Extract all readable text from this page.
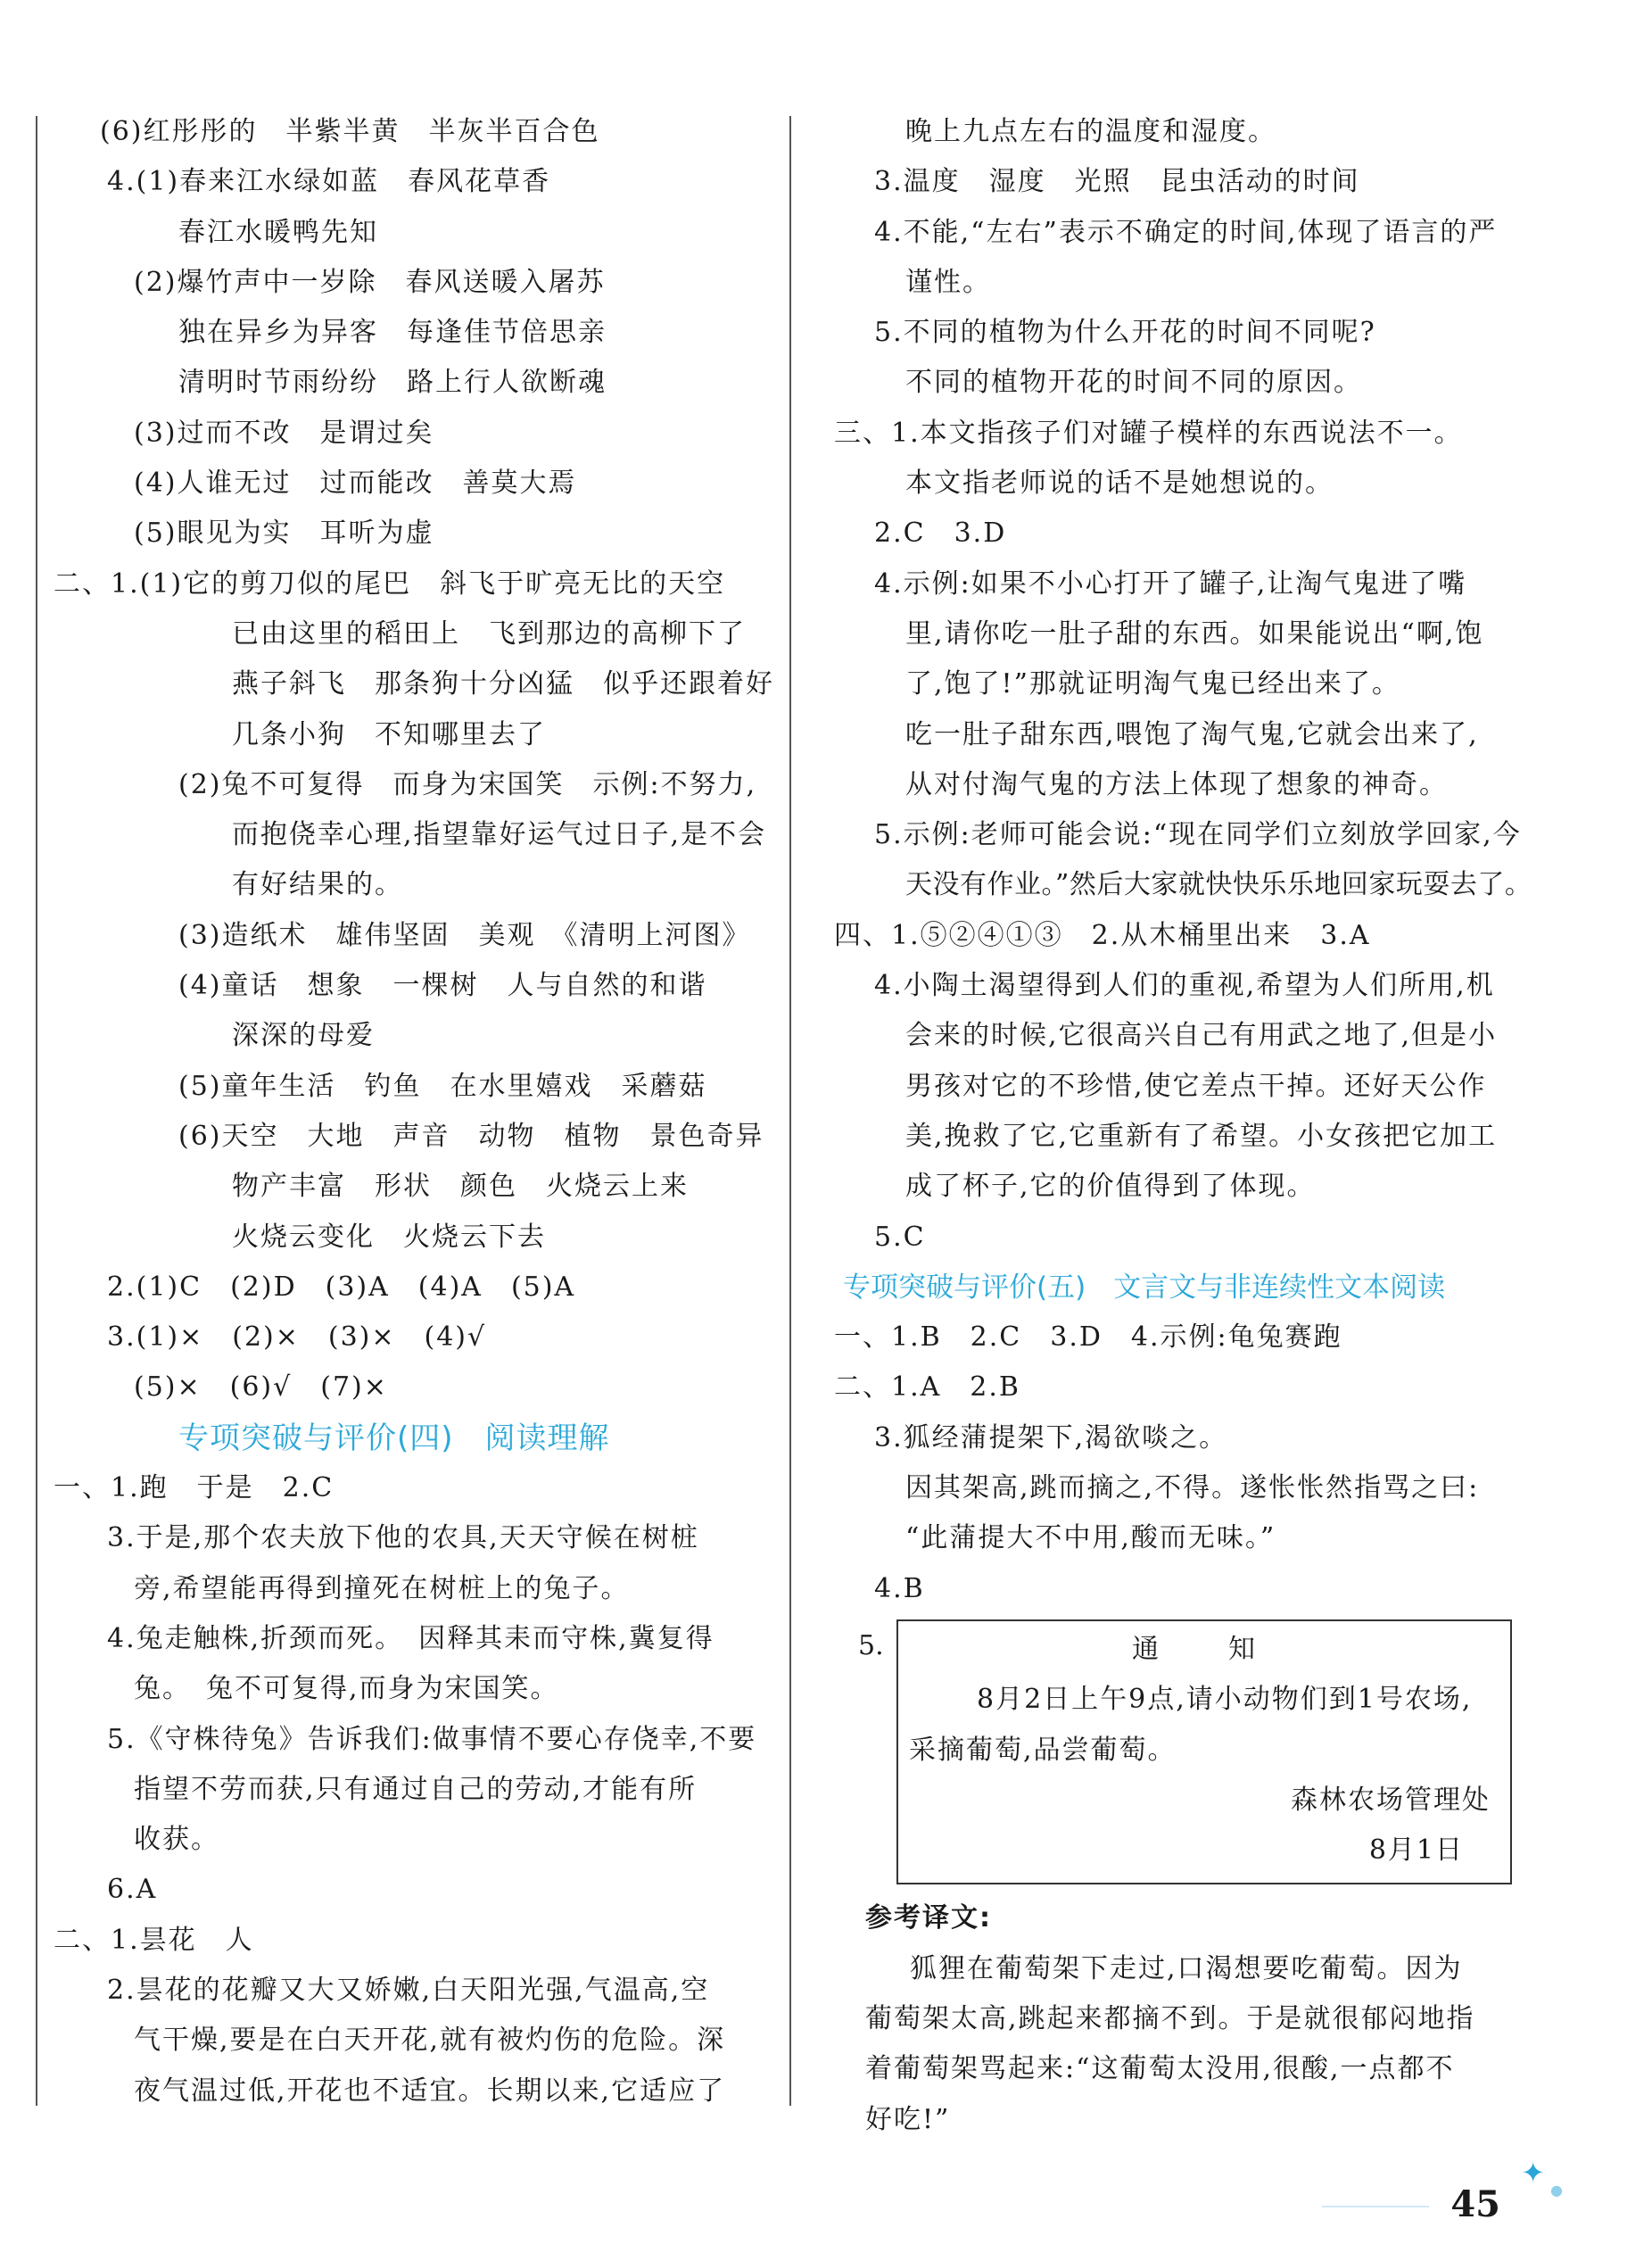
(6)红彤彤的　半紫半黄　半灰半百合色
4.(1)春来江水绿如蓝　春风花草香
春江水暖鸭先知
(2)爆竹声中一岁除　春风送暖入屠苏
独在异乡为异客　每逢佳节倍思亲
清明时节雨纷纷　路上行人欲断魂
(3)过而不改　是谓过矣
(4)人谁无过　过而能改　善莫大焉
(5)眼见为实　耳听为虚
二、1.(1)它的剪刀似的尾巴　斜飞于旷亮无比的天空
已由这里的稻田上　飞到那边的高柳下了
燕子斜飞　那条狗十分凶猛　似乎还跟着好
几条小狗　不知哪里去了
(2)兔不可复得　而身为宋国笑　示例:不努力,
而抱侥幸心理,指望靠好运气过日子,是不会
有好结果的。
(3)造纸术　雄伟坚固　美观　《清明上河图》
(4)童话　想象　一棵树　人与自然的和谐
深深的母爱
(5)童年生活　钓鱼　在水里嬉戏　采蘑菇
(6)天空　大地　声音　动物　植物　景色奇异
物产丰富　形状　颜色　火烧云上来
火烧云变化　火烧云下去
2.(1)C　(2)D　(3)A　(4)A　(5)A
3.(1)×　(2)×　(3)×　(4)√
(5)×　(6)√　(7)×
专项突破与评价(四)　阅读理解
一、1.跑　于是　2.C
3.于是,那个农夫放下他的农具,天天守候在树桩
旁,希望能再得到撞死在树桩上的兔子。
4.兔走触株,折颈而死。　因释其耒而守株,冀复得
兔。　兔不可复得,而身为宋国笑。
5.《守株待兔》告诉我们:做事情不要心存侥幸,不要
指望不劳而获,只有通过自己的劳动,才能有所
收获。
6.A
二、1.昙花　人
2.昙花的花瓣又大又娇嫩,白天阳光强,气温高,空
气干燥,要是在白天开花,就有被灼伤的危险。深
夜气温过低,开花也不适宜。长期以来,它适应了
晚上九点左右的温度和湿度。
3.温度　湿度　光照　昆虫活动的时间
4.不能,“左右”表示不确定的时间,体现了语言的严
谨性。
5.不同的植物为什么开花的时间不同呢?
不同的植物开花的时间不同的原因。
三、1.本文指孩子们对罐子模样的东西说法不一。
本文指老师说的话不是她想说的。
2.C　3.D
4.示例:如果不小心打开了罐子,让淘气鬼进了嘴
里,请你吃一肚子甜的东西。如果能说出“啊,饱
了,饱了!”那就证明淘气鬼已经出来了。
吃一肚子甜东西,喂饱了淘气鬼,它就会出来了,
从对付淘气鬼的方法上体现了想象的神奇。
5.示例:老师可能会说:“现在同学们立刻放学回家,今
天没有作业。”然后大家就快快乐乐地回家玩耍去了。
四、1.⑤②④①③　2.从木桶里出来　3.A
4.小陶土渴望得到人们的重视,希望为人们所用,机
会来的时候,它很高兴自己有用武之地了,但是小
男孩对它的不珍惜,使它差点干掉。还好天公作
美,挽救了它,它重新有了希望。小女孩把它加工
成了杯子,它的价值得到了体现。
5.C
专项突破与评价(五)　文言文与非连续性文本阅读
一、1.B　2.C　3.D　4.示例:龟兔赛跑
二、1.A　2.B
3.狐经蒲提架下,渴欲啖之。
因其架高,跳而摘之,不得。遂怅怅然指骂之曰:
“此蒲提大不中用,酸而无味。”
4.B
5.	通　知
8月2日上午9点,请小动物们到1号农场,采摘葡萄,品尝葡萄。
森林农场管理处
8月1日
参考译文:
狐狸在葡萄架下走过,口渴想要吃葡萄。因为
葡萄架太高,跳起来都摘不到。于是就很郁闷地指
着葡萄架骂起来:“这葡萄太没用,很酸,一点都不
好吃!”
45
✦
●
